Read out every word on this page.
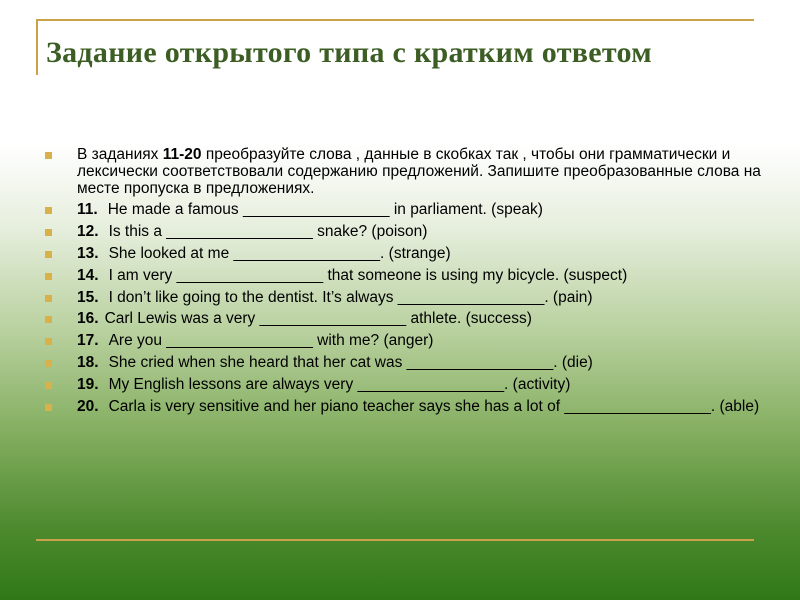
Задание открытого типа с кратким ответом
В заданиях 11-20 преобразуйте слова , данные в скобках так , чтобы они грамматически и лексически соответствовали содержанию предложений. Запишите преобразованные слова на месте пропуска в предложениях.
11. He made a famous _________________ in parliament. (speak)
12. Is this a _________________ snake? (poison)
13. She looked at me _________________. (strange)
14. I am very _________________ that someone is using my bicycle. (suspect)
15. I don’t like going to the dentist. It’s always _________________. (pain)
16. Carl Lewis was a very _________________ athlete. (success)
17. Are you _________________ with me? (anger)
18. She cried when she heard that her cat was _________________. (die)
19. My English lessons are always very _________________. (activity)
20. Carla is very sensitive and her piano teacher says she has a lot of _________________. (able)
